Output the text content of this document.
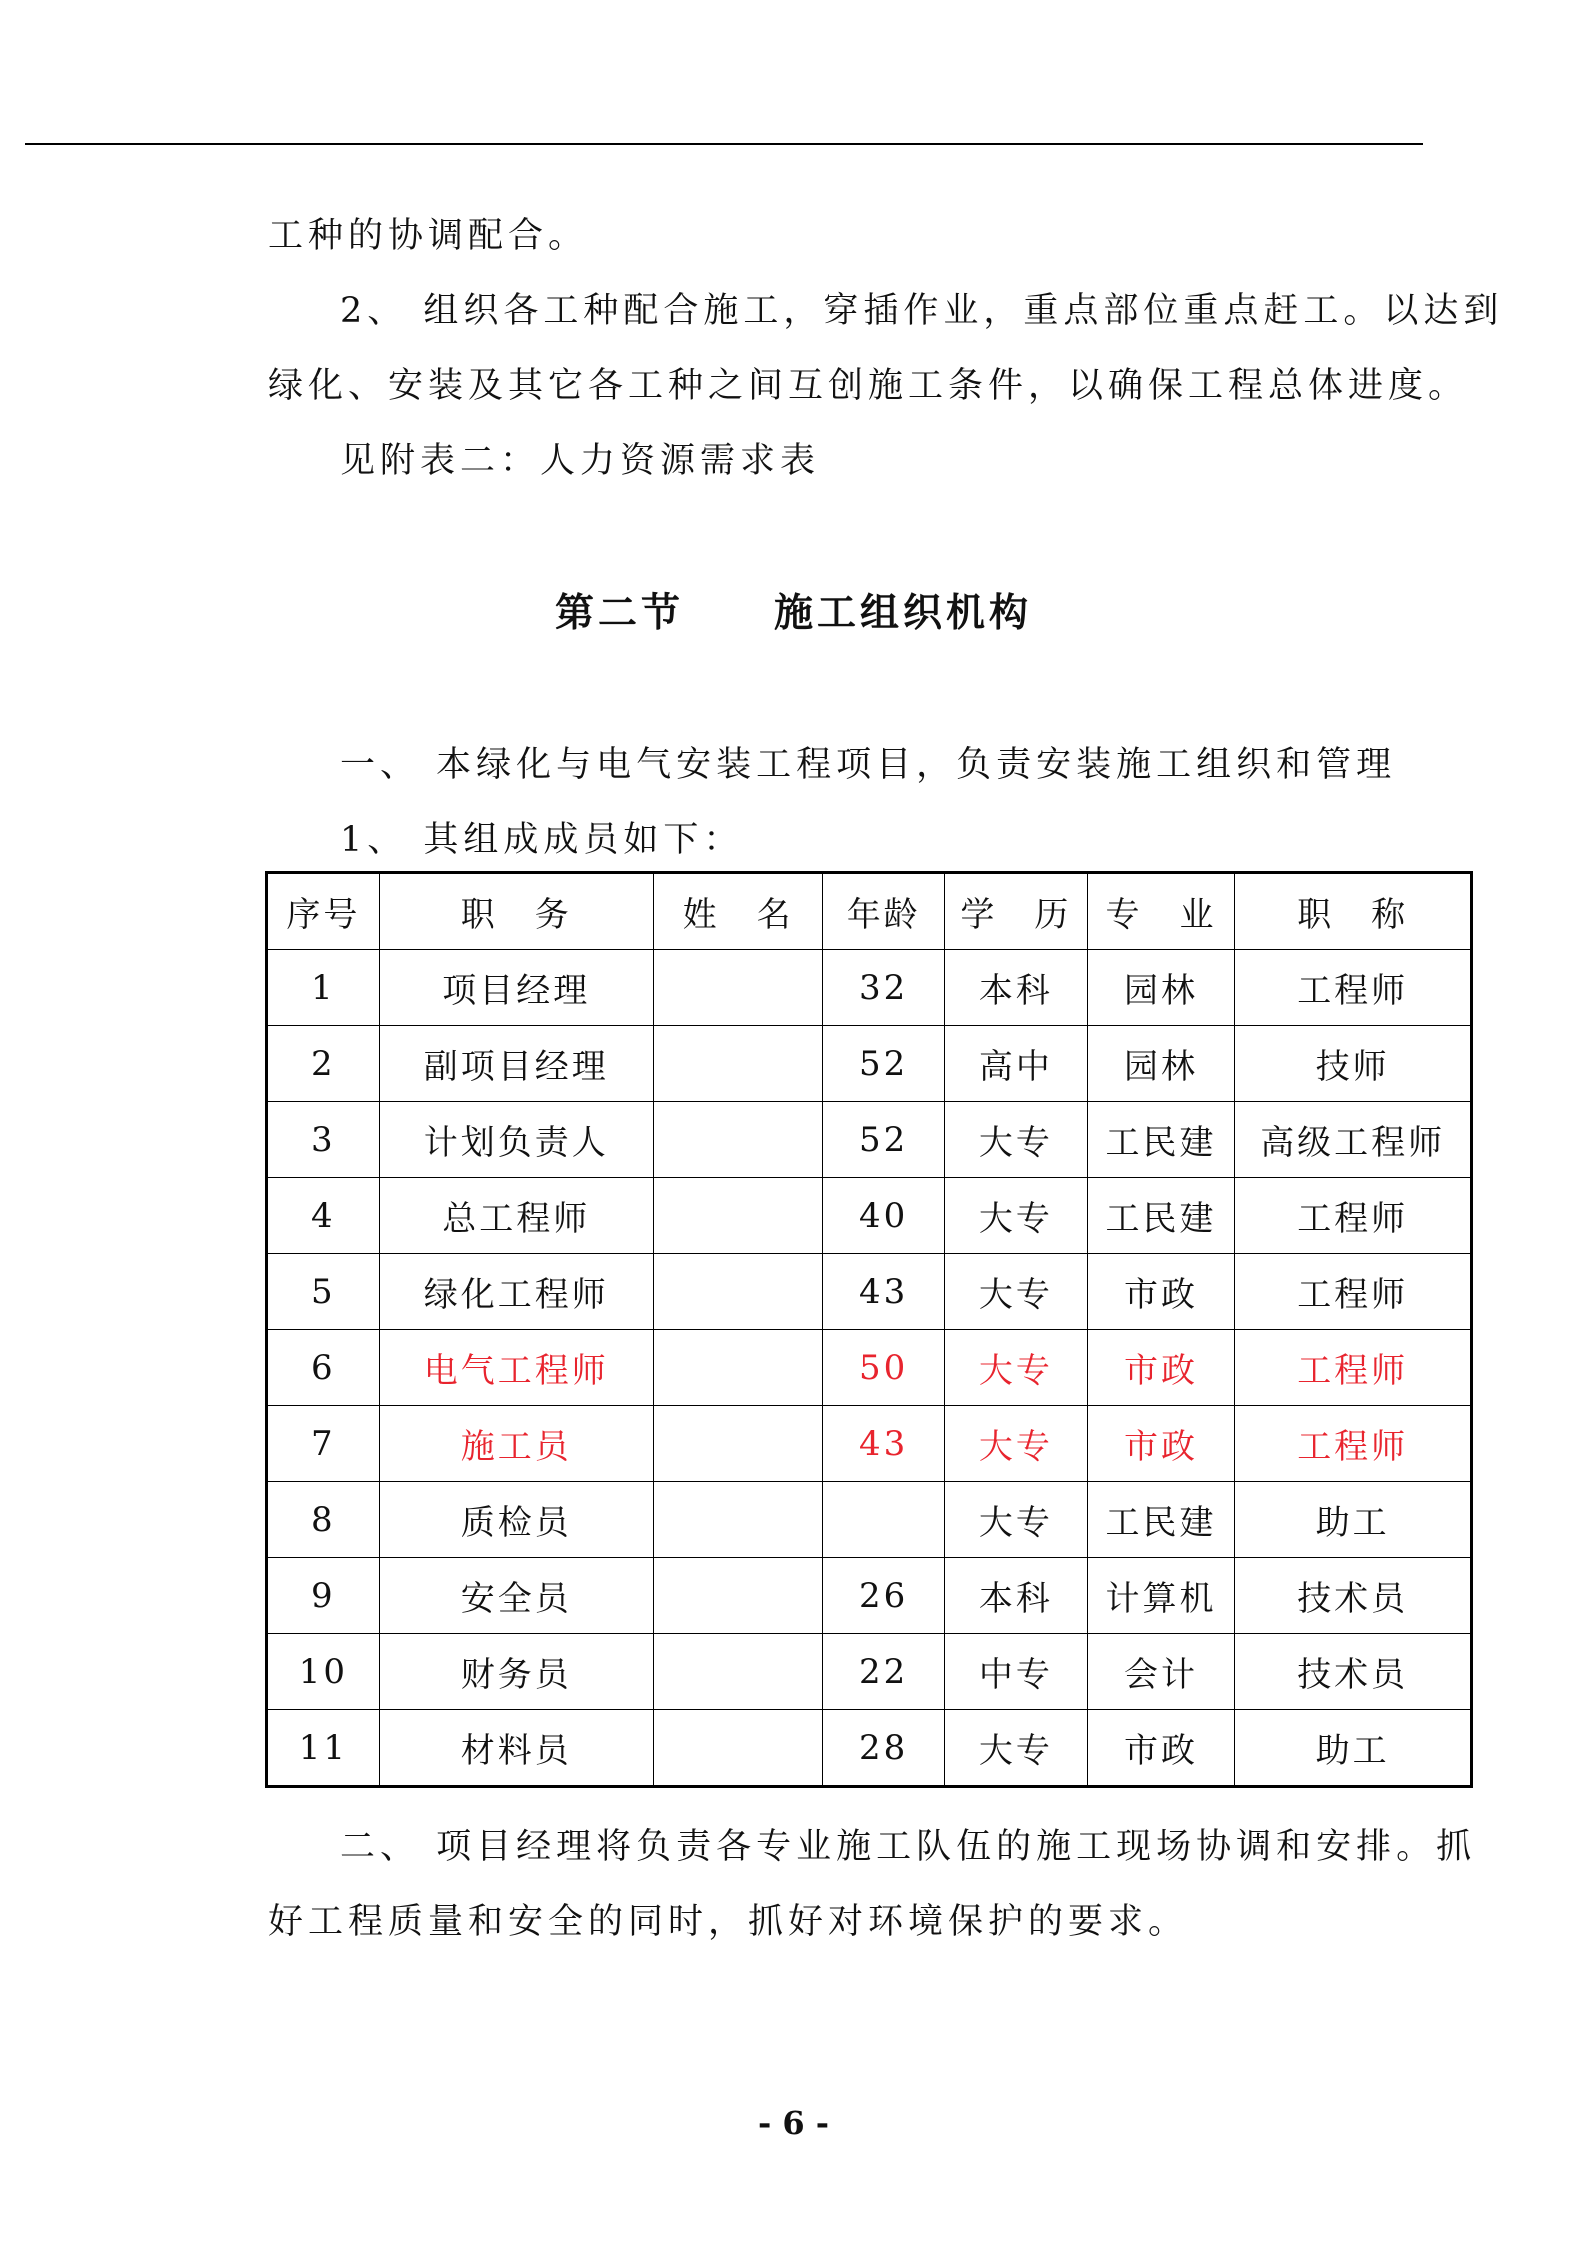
工种的协调配合。
2、 组织各工种配合施工，穿插作业，重点部位重点赶工。以达到
绿化、安装及其它各工种之间互创施工条件，以确保工程总体进度。
见附表二：人力资源需求表
第二节 施工组织机构
一、 本绿化与电气安装工程项目，负责安装施工组织和管理
1、 其组成成员如下：
序号	职　务	姓　名	年龄	学　历	专　业	职　称
1	项目经理		32	本科	园林	工程师
2	副项目经理		52	高中	园林	技师
3	计划负责人		52	大专	工民建	高级工程师
4	总工程师		40	大专	工民建	工程师
5	绿化工程师		43	大专	市政	工程师
6	电气工程师		50	大专	市政	工程师
7	施工员		43	大专	市政	工程师
8	质检员			大专	工民建	助工
9	安全员		26	本科	计算机	技术员
10	财务员		22	中专	会计	技术员
11	材料员		28	大专	市政	助工
二、 项目经理将负责各专业施工队伍的施工现场协调和安排。抓
好工程质量和安全的同时，抓好对环境保护的要求。
- 6 -
